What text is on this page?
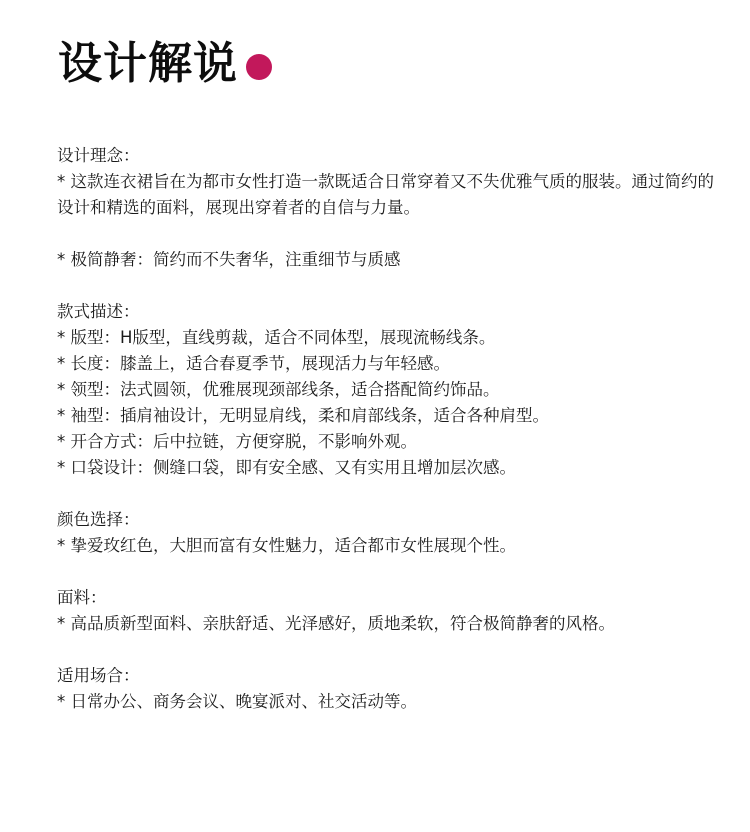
设计解说

设计理念：

* 这款连衣裙旨在为都市女性打造一款既适合日常穿着又不失优雅气质的服装。通过简约的设计和精选的面料，展现出穿着者的自信与力量。

* 极简静奢：简约而不失奢华，注重细节与质感

款式描述：

* 版型：H版型，直线剪裁，适合不同体型，展现流畅线条。

* 长度：膝盖上，适合春夏季节，展现活力与年轻感。

* 领型：法式圆领，优雅展现颈部线条，适合搭配简约饰品。

* 袖型：插肩袖设计，无明显肩线，柔和肩部线条，适合各种肩型。

* 开合方式：后中拉链，方便穿脱，不影响外观。

* 口袋设计：侧缝口袋，即有安全感、又有实用且增加层次感。

颜色选择：

* 挚爱玫红色，大胆而富有女性魅力，适合都市女性展现个性。

面料：

* 高品质新型面料、亲肤舒适、光泽感好，质地柔软，符合极简静奢的风格。

适用场合：

* 日常办公、商务会议、晚宴派对、社交活动等。
